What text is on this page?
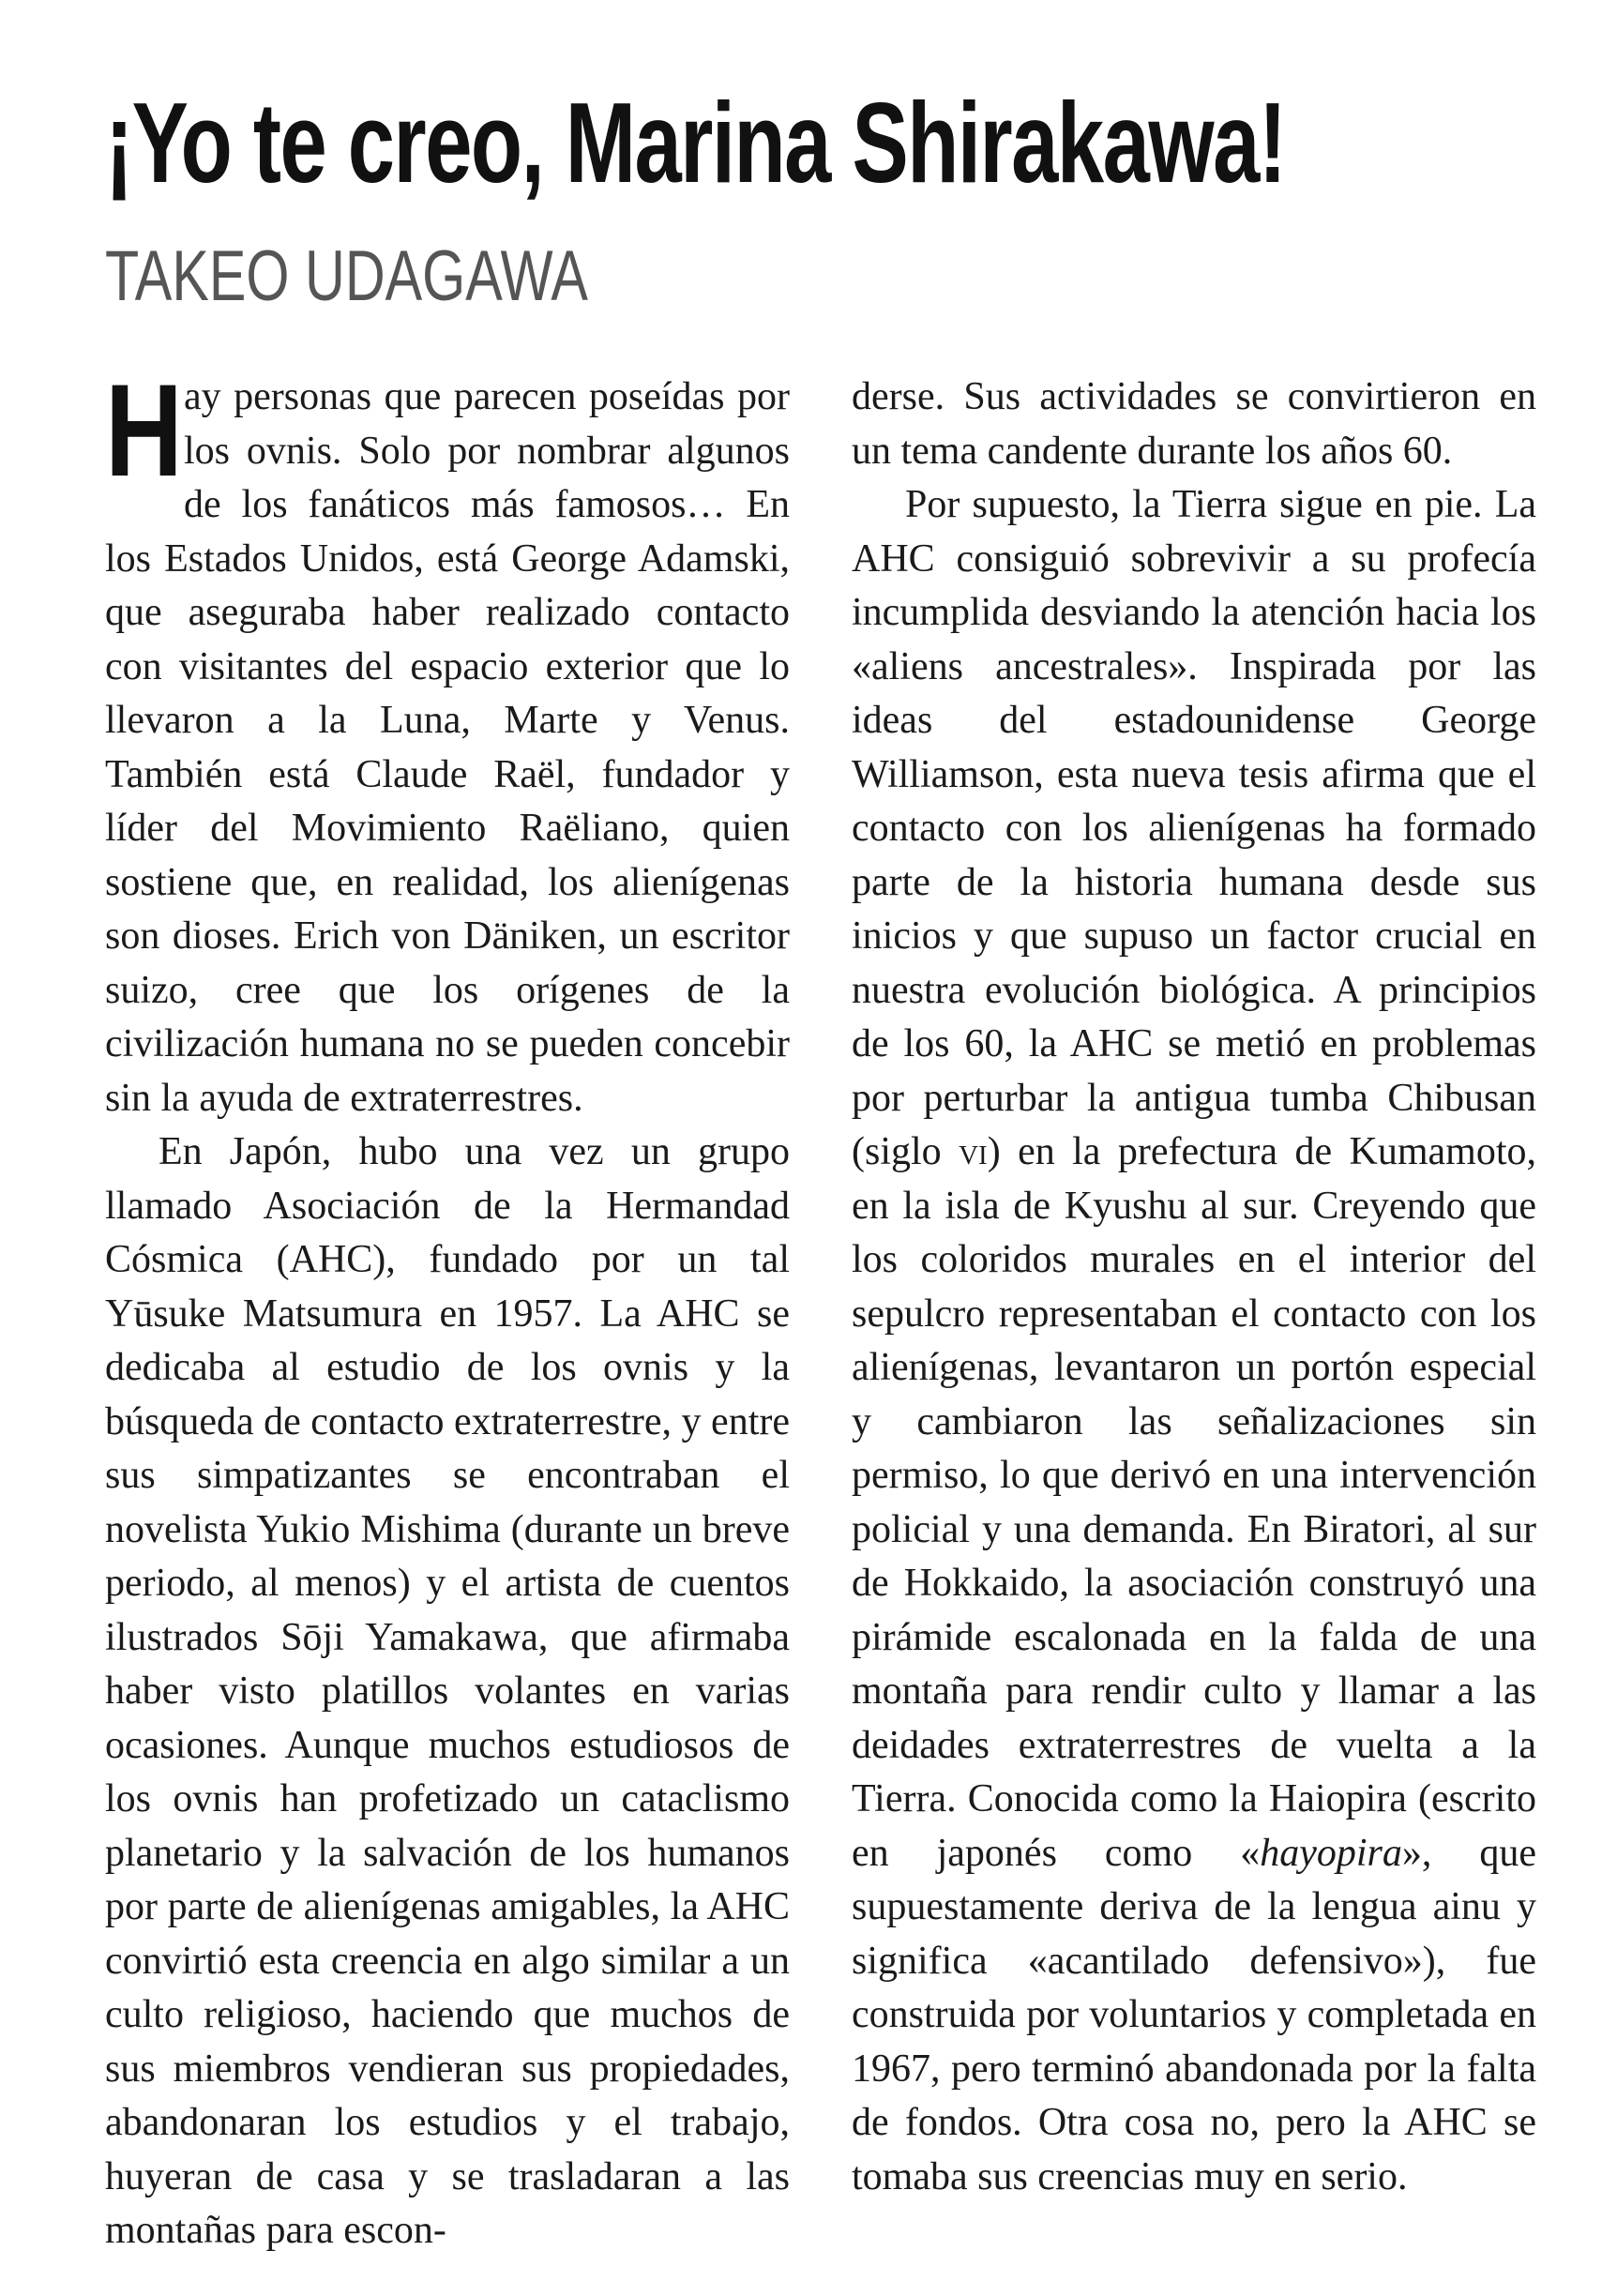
¡Yo te creo, Marina Shirakawa!
TAKEO UDAGAWA

Hay personas que parecen poseídas por los ovnis. Solo por nombrar algunos de los fanáticos más famosos… En los Estados Unidos, está George Adamski, que aseguraba haber realizado contacto con visitantes del espacio exterior que lo llevaron a la Luna, Marte y Venus. También está Claude Raël, fundador y líder del Movimiento Raëliano, quien sostiene que, en realidad, los alienígenas son dioses. Erich von Däniken, un escritor suizo, cree que los orígenes de la civilización humana no se pueden concebir sin la ayuda de extraterrestres.

En Japón, hubo una vez un grupo llamado Asociación de la Hermandad Cósmica (AHC), fundado por un tal Yūsuke Matsumura en 1957. La AHC se dedicaba al estudio de los ovnis y la búsqueda de contacto extraterrestre, y entre sus simpatizantes se encontraban el novelista Yukio Mishima (durante un breve periodo, al menos) y el artista de cuentos ilustrados Sōji Yamakawa, que afirmaba haber visto platillos volantes en varias ocasiones. Aunque muchos estudiosos de los ovnis han profetizado un cataclismo planetario y la salvación de los humanos por parte de alienígenas amigables, la AHC convirtió esta creencia en algo similar a un culto religioso, haciendo que muchos de sus miembros vendieran sus propiedades, abandonaran los estudios y el trabajo, huyeran de casa y se trasladaran a las montañas para escon-

derse. Sus actividades se convirtieron en un tema candente durante los años 60.

Por supuesto, la Tierra sigue en pie. La AHC consiguió sobrevivir a su profecía incumplida desviando la atención hacia los «aliens ancestrales». Inspirada por las ideas del estadounidense George Williamson, esta nueva tesis afirma que el contacto con los alienígenas ha formado parte de la historia humana desde sus inicios y que supuso un factor crucial en nuestra evolución biológica. A principios de los 60, la AHC se metió en problemas por perturbar la antigua tumba Chibusan (siglo vi) en la prefectura de Kumamoto, en la isla de Kyushu al sur. Creyendo que los coloridos murales en el interior del sepulcro representaban el contacto con los alienígenas, levantaron un portón especial y cambiaron las señalizaciones sin permiso, lo que derivó en una intervención policial y una demanda. En Biratori, al sur de Hokkaido, la asociación construyó una pirámide escalonada en la falda de una montaña para rendir culto y llamar a las deidades extraterrestres de vuelta a la Tierra. Conocida como la Haiopira (escrito en japonés como «hayopira», que supuestamente deriva de la lengua ainu y significa «acantilado defensivo»), fue construida por voluntarios y completada en 1967, pero terminó abandonada por la falta de fondos. Otra cosa no, pero la AHC se tomaba sus creencias muy en serio.
